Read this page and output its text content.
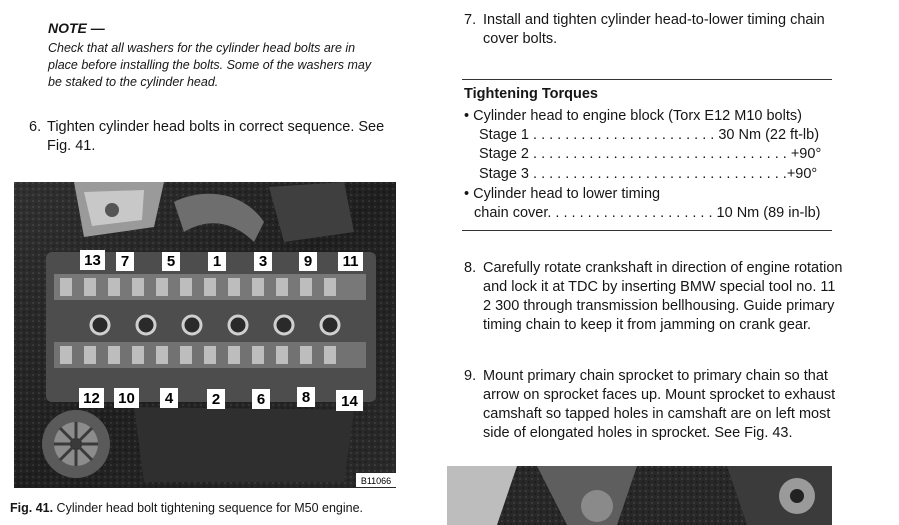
NOTE —
Check that all washers for the cylinder head bolts are in place before installing the bolts. Some of the washers may be staked to the cylinder head.
6. Tighten cylinder head bolts in correct sequence. See Fig. 41.
13 7	5	1	3 9 11
12 10 4	2 6 8 14
B11066
Fig. 41. Cylinder head bolt tightening sequence for M50 engine.
7. Install and tighten cylinder head-to-lower timing chain cover bolts.
Tightening Torques
• Cylinder head to engine block (Torx E12 M10 bolts)
Stage 1 . . . . . . . . . . . . . . . . . . . . . . . 30 Nm (22 ft-lb)
Stage 2 . . . . . . . . . . . . . . . . . . . . . . . . . . . . . . . . +90°
Stage 3 . . . . . . . . . . . . . . . . . . . . . . . . . . . . . . . .+90°
• Cylinder head to lower timing
chain cover. . . . . . . . . . . . . . . . . . . . . 10 Nm (89 in-lb)
8. Carefully rotate crankshaft in direction of engine rotation and lock it at TDC by inserting BMW special tool no. 11 2 300 through transmission bellhousing. Guide primary timing chain to keep it from jamming on crank gear.
9. Mount primary chain sprocket to primary chain so that arrow on sprocket faces up. Mount sprocket to exhaust camshaft so tapped holes in camshaft are on left most side of elongated holes in sprocket. See Fig. 43.
